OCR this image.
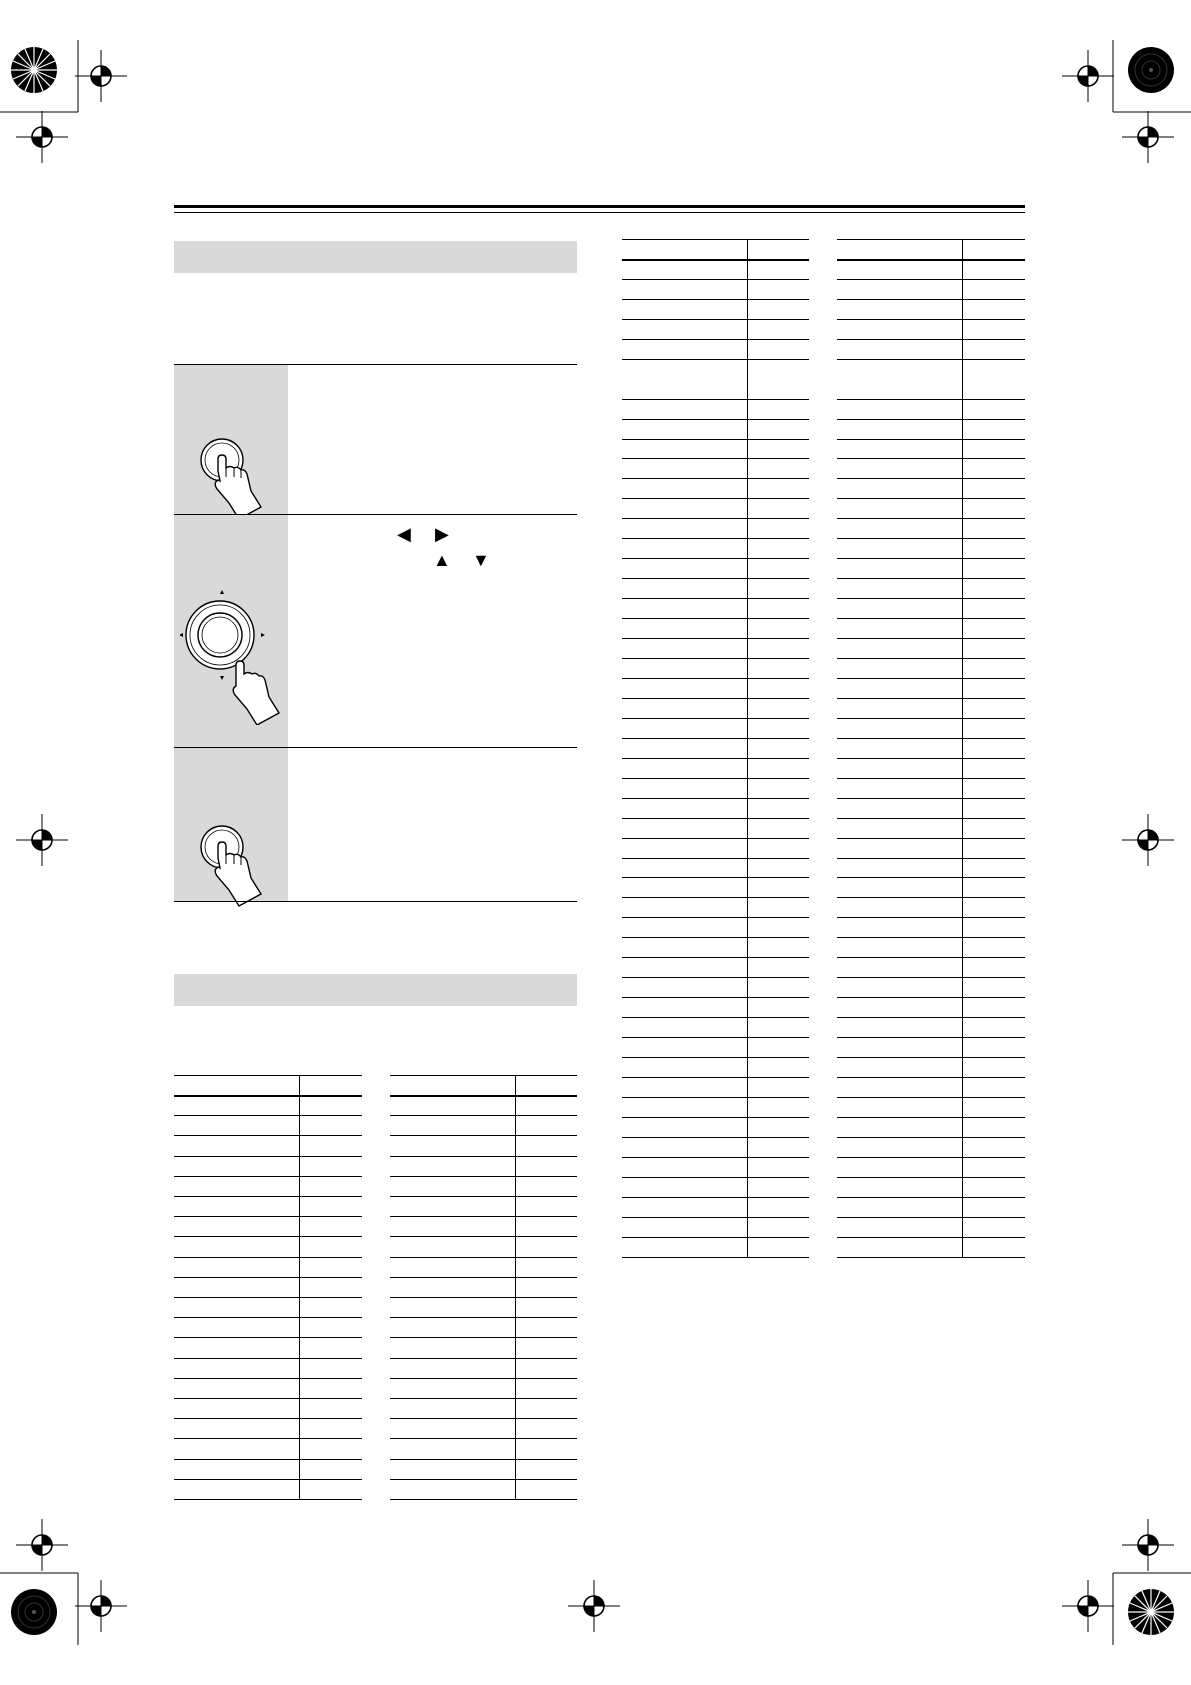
◀ ▶
▲ ▼
